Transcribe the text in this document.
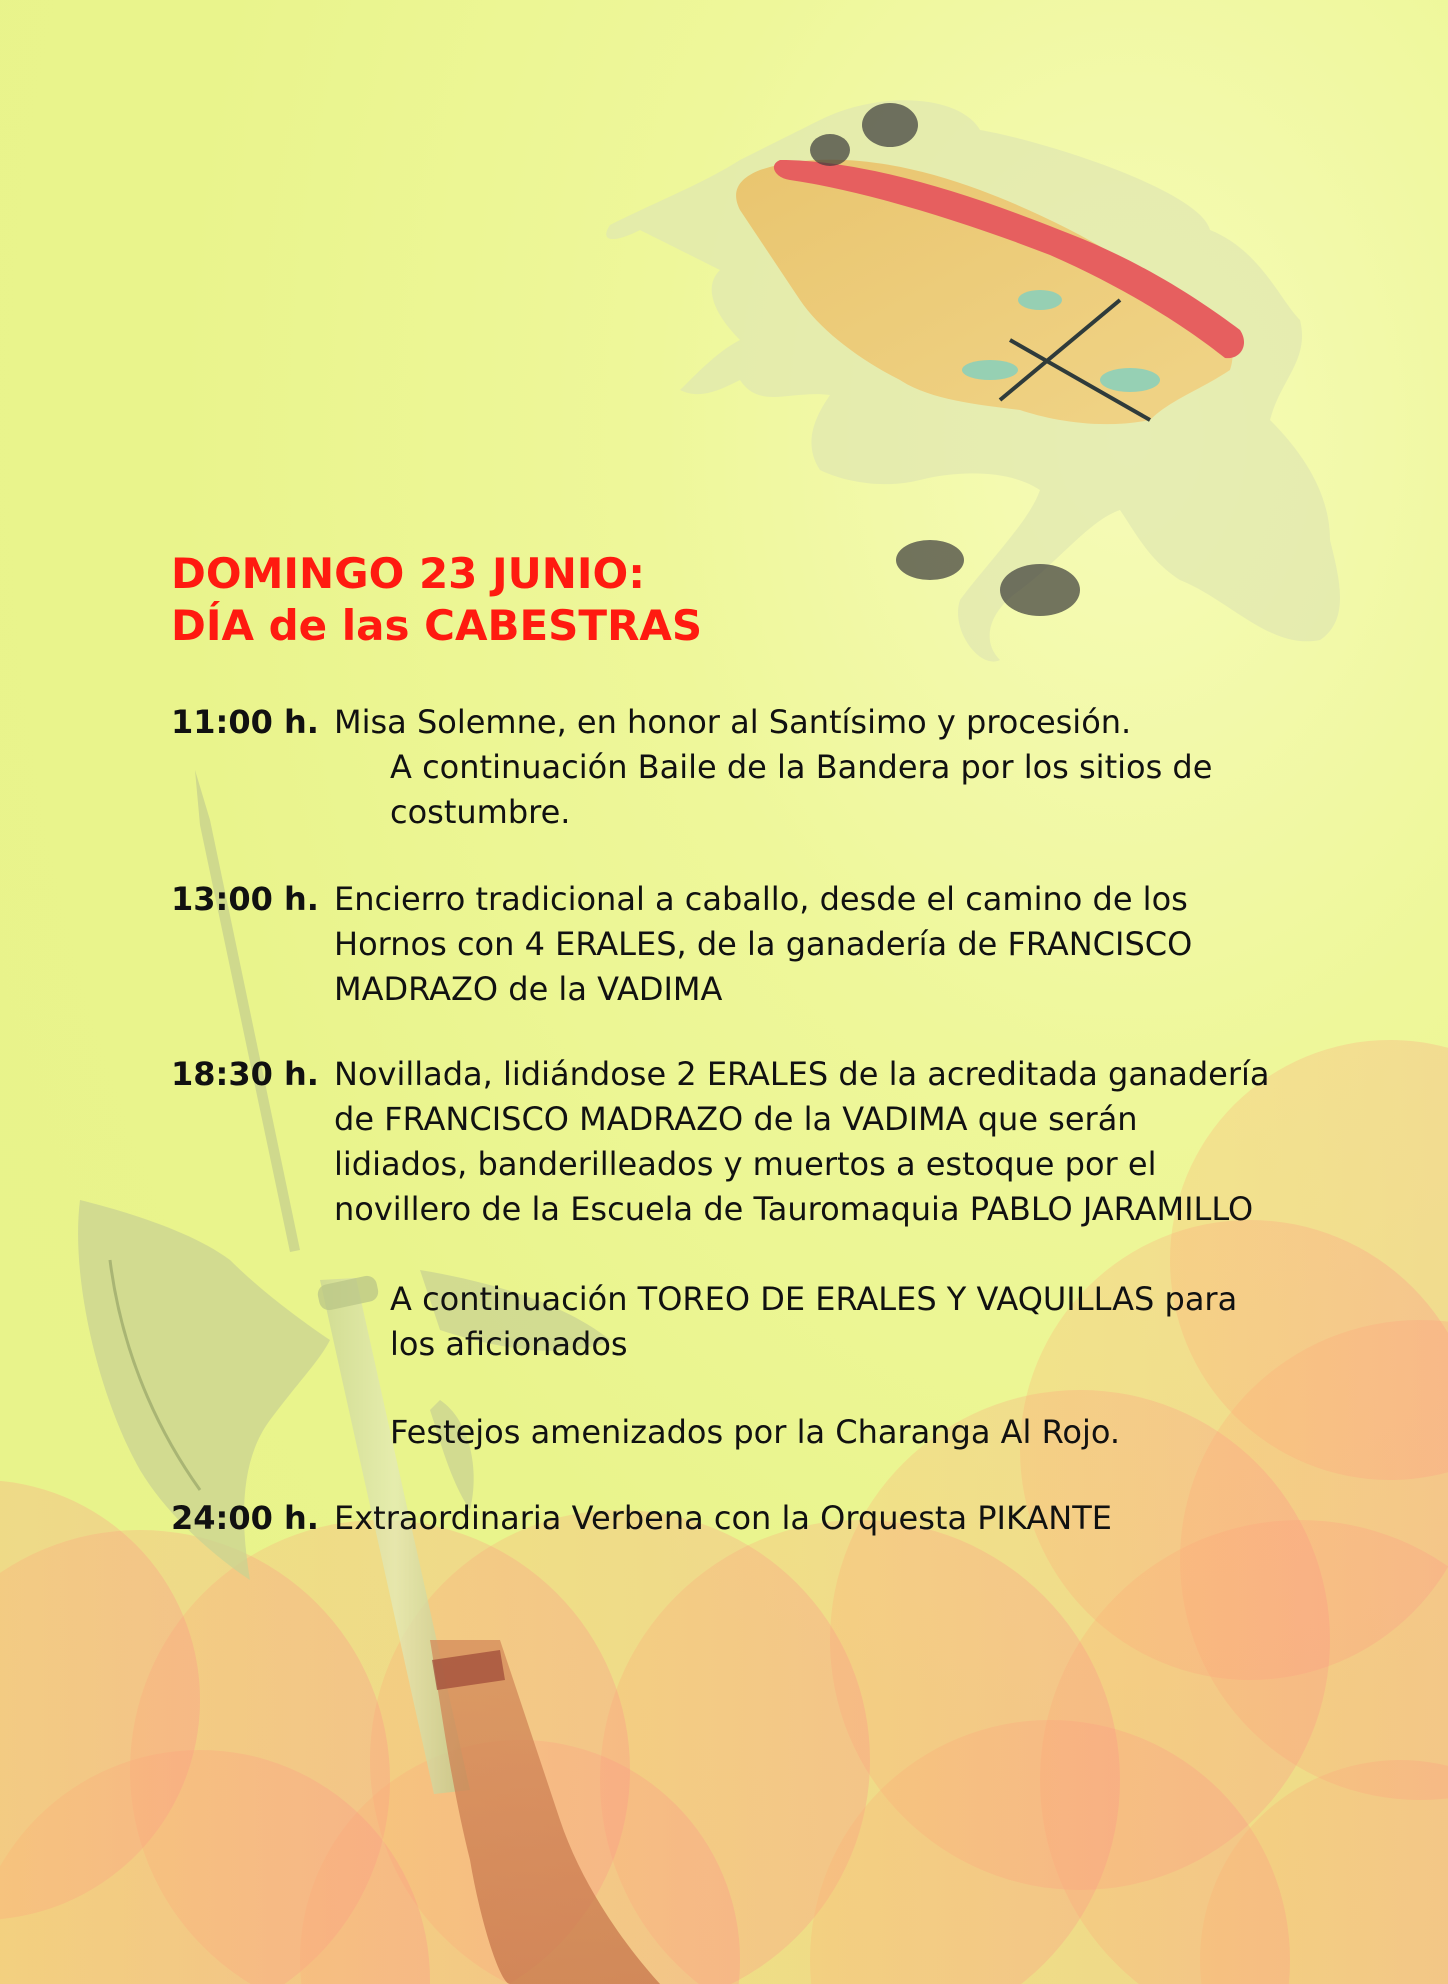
DOMINGO 23 JUNIO:
DÍA de las CABESTRAS
11:00 h. Misa Solemne, en honor al Santísimo y procesión.
A continuación Baile de la Bandera por los sitios de
costumbre.
13:00 h. Encierro tradicional a caballo, desde el camino de los
Hornos con 4 ERALES, de la ganadería de FRANCISCO
MADRAZO de la VADIMA
18:30 h. Novillada, lidiándose 2 ERALES de la acreditada ganadería
de FRANCISCO MADRAZO de la VADIMA que serán
lidiados, banderilleados y muertos a estoque por el
novillero de la Escuela de Tauromaquia PABLO JARAMILLO
A continuación TOREO DE ERALES Y VAQUILLAS para
los aficionados
Festejos amenizados por la Charanga Al Rojo.
24:00 h. Extraordinaria Verbena con la Orquesta PIKANTE
